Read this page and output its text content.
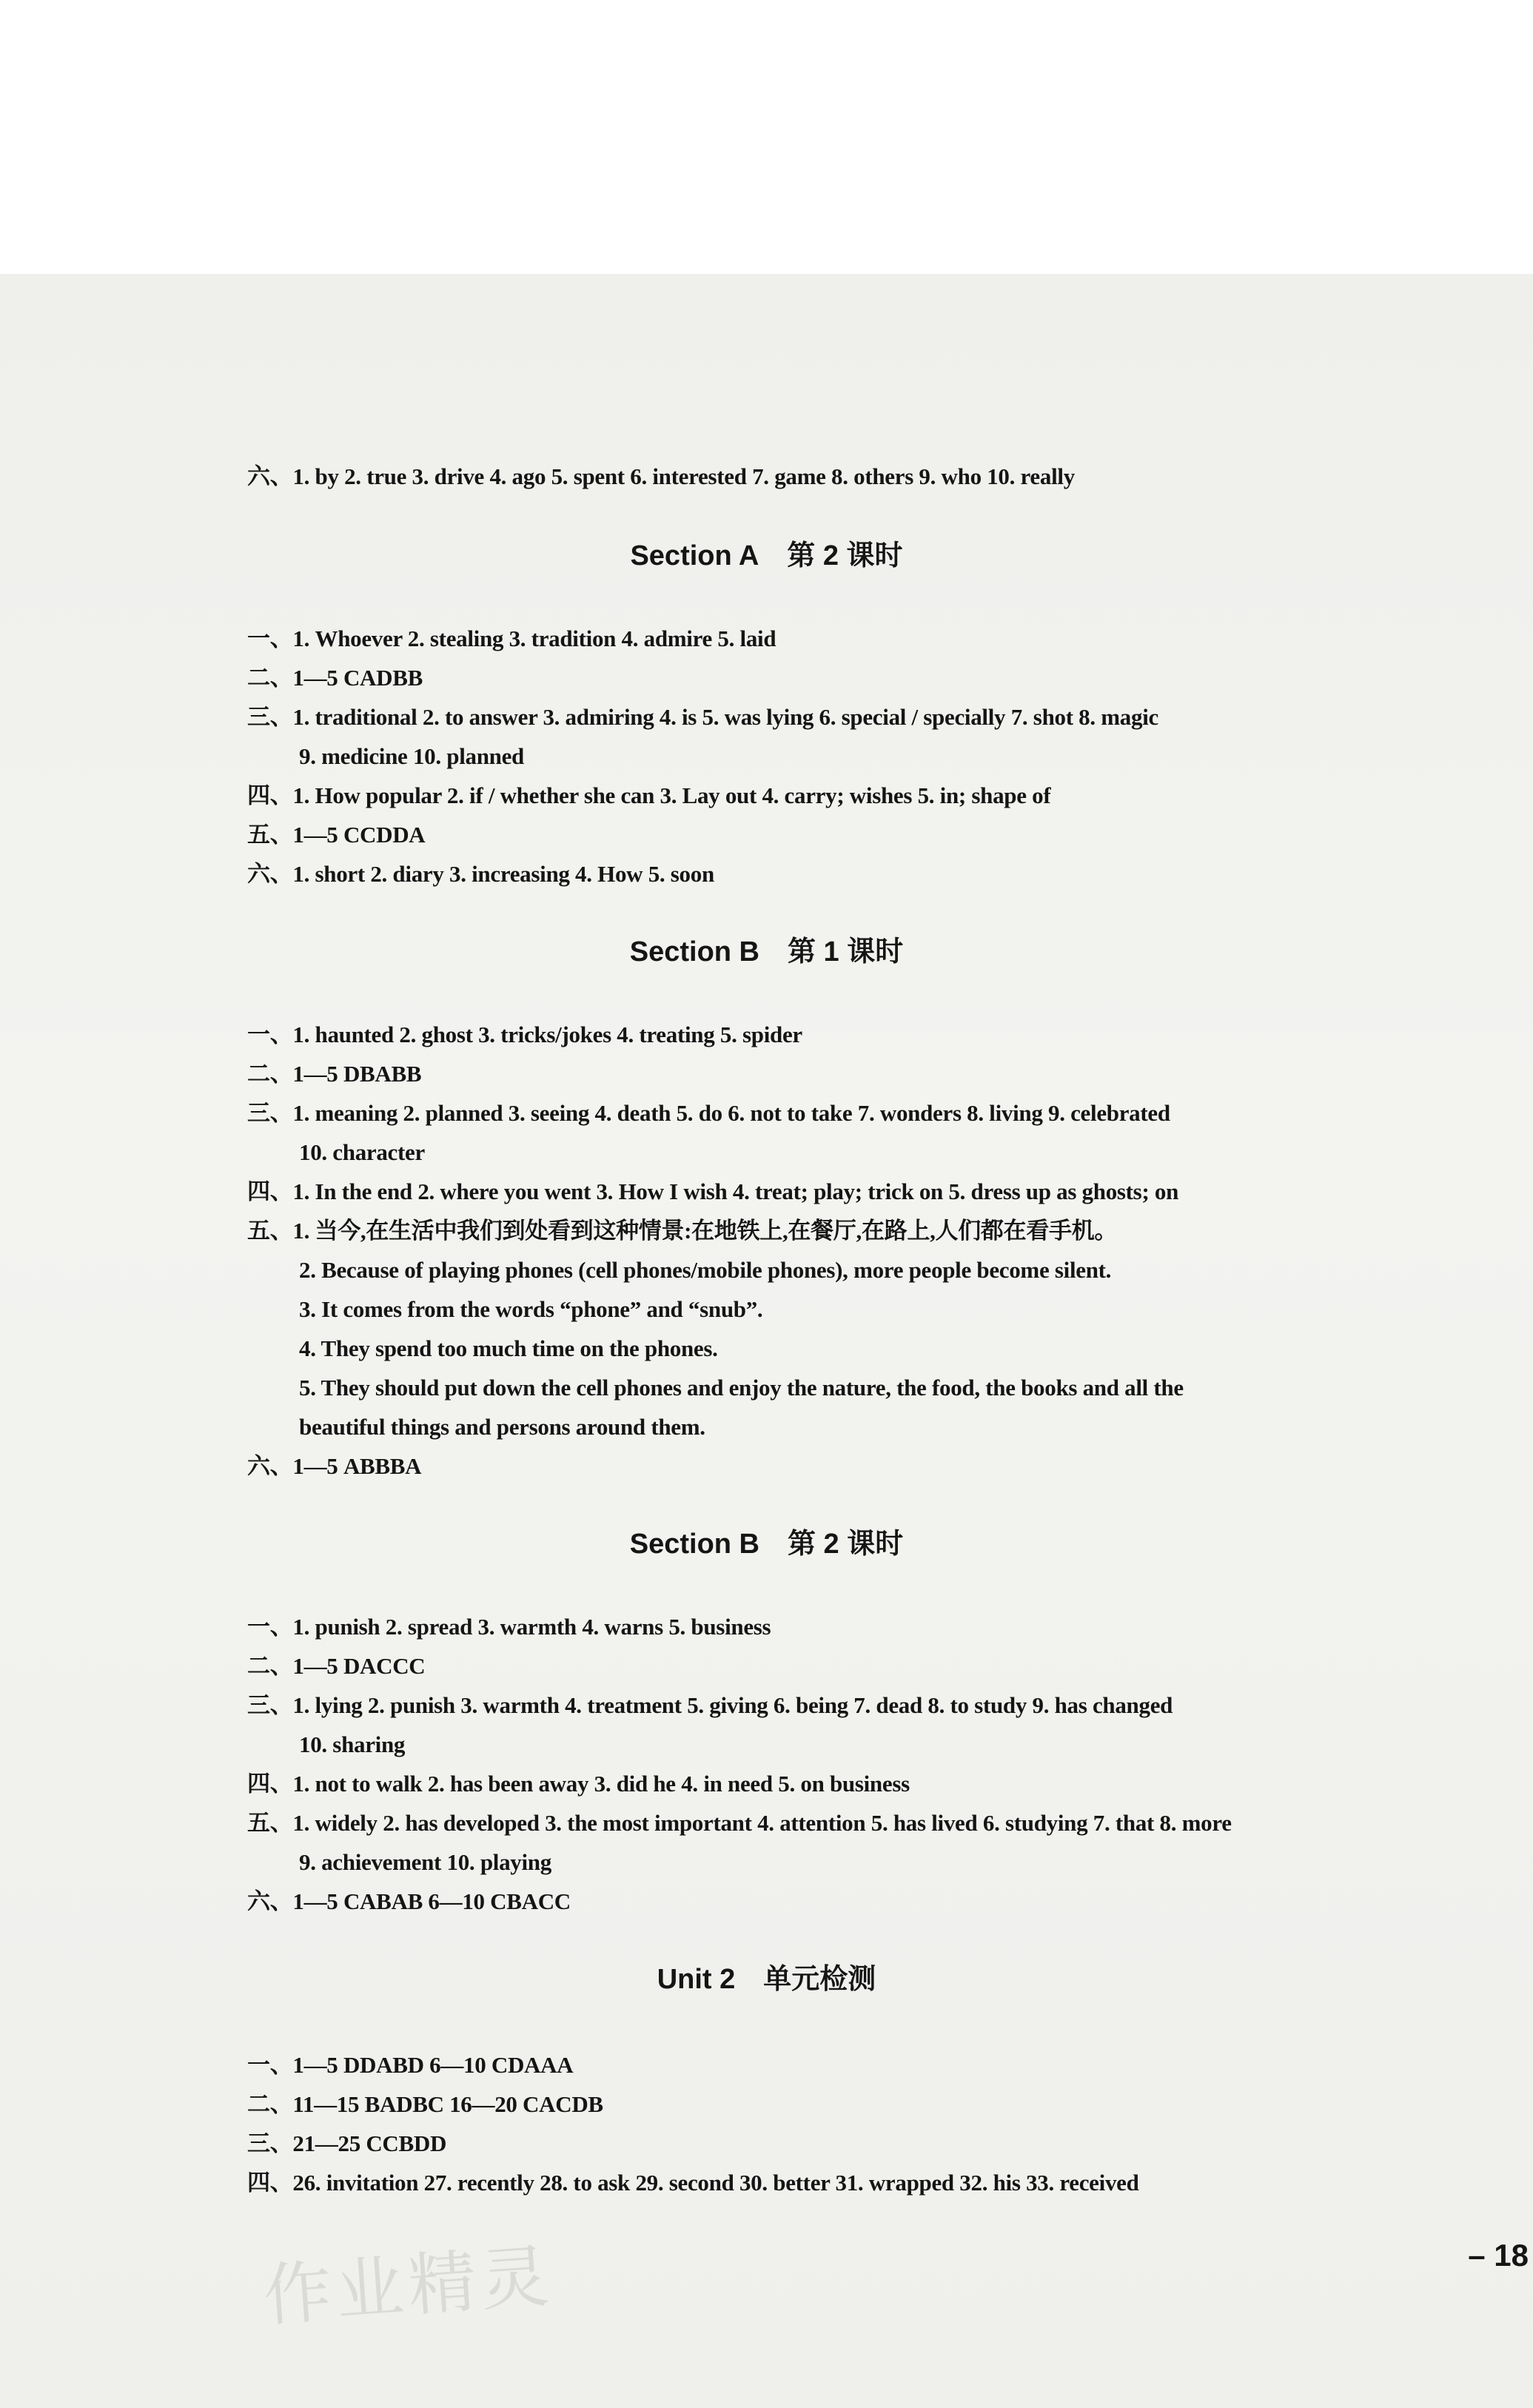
六、1. by 2. true 3. drive 4. ago 5. spent 6. interested 7. game 8. others 9. who 10. really
Section A 第 2 课时
一、1. Whoever 2. stealing 3. tradition 4. admire 5. laid
二、1—5 CADBB
三、1. traditional 2. to answer 3. admiring 4. is 5. was lying 6. special / specially 7. shot 8. magic
9. medicine 10. planned
四、1. How popular 2. if / whether she can 3. Lay out 4. carry; wishes 5. in; shape of
五、1—5 CCDDA
六、1. short 2. diary 3. increasing 4. How 5. soon
Section B 第 1 课时
一、1. haunted 2. ghost 3. tricks/jokes 4. treating 5. spider
二、1—5 DBABB
三、1. meaning 2. planned 3. seeing 4. death 5. do 6. not to take 7. wonders 8. living 9. celebrated
10. character
四、1. In the end 2. where you went 3. How I wish 4. treat; play; trick on 5. dress up as ghosts; on
五、1. 当今,在生活中我们到处看到这种情景:在地铁上,在餐厅,在路上,人们都在看手机。
2. Because of playing phones (cell phones/mobile phones), more people become silent.
3. It comes from the words “phone” and “snub”.
4. They spend too much time on the phones.
5. They should put down the cell phones and enjoy the nature, the food, the books and all the
beautiful things and persons around them.
六、1—5 ABBBA
Section B 第 2 课时
一、1. punish 2. spread 3. warmth 4. warns 5. business
二、1—5 DACCC
三、1. lying 2. punish 3. warmth 4. treatment 5. giving 6. being 7. dead 8. to study 9. has changed
10. sharing
四、1. not to walk 2. has been away 3. did he 4. in need 5. on business
五、1. widely 2. has developed 3. the most important 4. attention 5. has lived 6. studying 7. that 8. more
9. achievement 10. playing
六、1—5 CABAB 6—10 CBACC
Unit 2 单元检测
一、1—5 DDABD 6—10 CDAAA
二、11—15 BADBC 16—20 CACDB
三、21—25 CCBDD
四、26. invitation 27. recently 28. to ask 29. second 30. better 31. wrapped 32. his 33. received
作业精灵	– 18
